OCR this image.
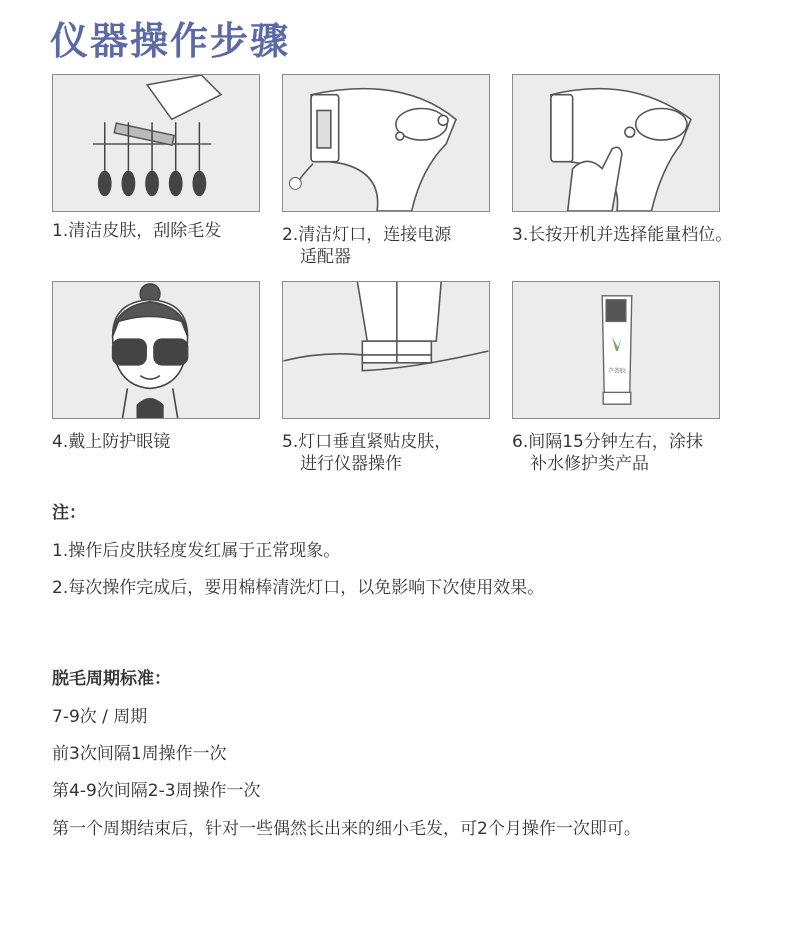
仪器操作步骤
1.清洁皮肤，刮除毛发	2.清洁灯口，连接电源
适配器
3.长按开机并选择能量档位。
4.戴上防护眼镜	5.灯口垂直紧贴皮肤，
进行仪器操作
芦荟胶
6.间隔15分钟左右，涂抹
补水修护类产品
注：
1.操作后皮肤轻度发红属于正常现象。
2.每次操作完成后，要用棉棒清洗灯口，以免影响下次使用效果。
脱毛周期标准：
7-9次 / 周期
前3次间隔1周操作一次
第4-9次间隔2-3周操作一次
第一个周期结束后，针对一些偶然长出来的细小毛发，可2个月操作一次即可。
